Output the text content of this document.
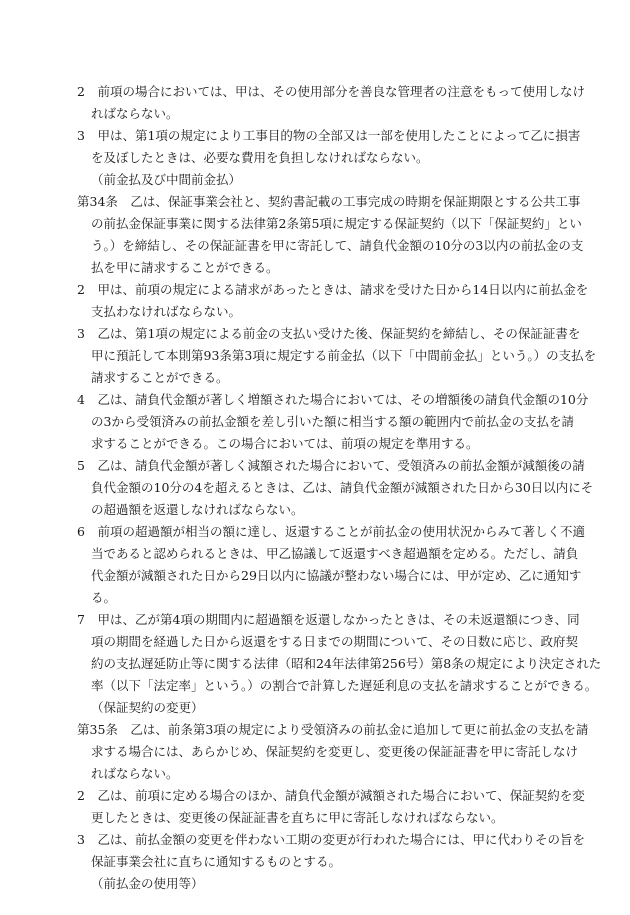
2　前項の場合においては、甲は、その使用部分を善良な管理者の注意をもって使用しなけ

ればならない。

3　甲は、第1項の規定により工事目的物の全部又は一部を使用したことによって乙に損害

を及ぼしたときは、必要な費用を負担しなければならない。

（前金払及び中間前金払）

第34条　乙は、保証事業会社と、契約書記載の工事完成の時期を保証期限とする公共工事

の前払金保証事業に関する法律第2条第5項に規定する保証契約（以下「保証契約」とい

う。）を締結し、その保証証書を甲に寄託して、請負代金額の10分の3以内の前払金の支

払を甲に請求することができる。

2　甲は、前項の規定による請求があったときは、請求を受けた日から14日以内に前払金を

支払わなければならない。

3　乙は、第1項の規定による前金の支払い受けた後、保証契約を締結し、その保証証書を

甲に預託して本則第93条第3項に規定する前金払（以下「中間前金払」という。）の支払を

請求することができる。

4　乙は、請負代金額が著しく増額された場合においては、その増額後の請負代金額の10分

の3から受領済みの前払金額を差し引いた額に相当する額の範囲内で前払金の支払を請

求することができる。この場合においては、前項の規定を準用する。

5　乙は、請負代金額が著しく減額された場合において、受領済みの前払金額が減額後の請

負代金額の10分の4を超えるときは、乙は、請負代金額が減額された日から30日以内にそ

の超過額を返還しなければならない。

6　前項の超過額が相当の額に達し、返還することが前払金の使用状況からみて著しく不適

当であると認められるときは、甲乙協議して返還すべき超過額を定める。ただし、請負

代金額が減額された日から29日以内に協議が整わない場合には、甲が定め、乙に通知す

る。

7　甲は、乙が第4項の期間内に超過額を返還しなかったときは、その未返還額につき、同

項の期間を経過した日から返還をする日までの期間について、その日数に応じ、政府契

約の支払遅延防止等に関する法律（昭和24年法律第256号）第8条の規定により決定された

率（以下「法定率」という。）の割合で計算した遅延利息の支払を請求することができる。

（保証契約の変更）

第35条　乙は、前条第3項の規定により受領済みの前払金に追加して更に前払金の支払を請

求する場合には、あらかじめ、保証契約を変更し、変更後の保証証書を甲に寄託しなけ

ればならない。

2　乙は、前項に定める場合のほか、請負代金額が減額された場合において、保証契約を変

更したときは、変更後の保証証書を直ちに甲に寄託しなければならない。

3　乙は、前払金額の変更を伴わない工期の変更が行われた場合には、甲に代わりその旨を

保証事業会社に直ちに通知するものとする。

（前払金の使用等）
